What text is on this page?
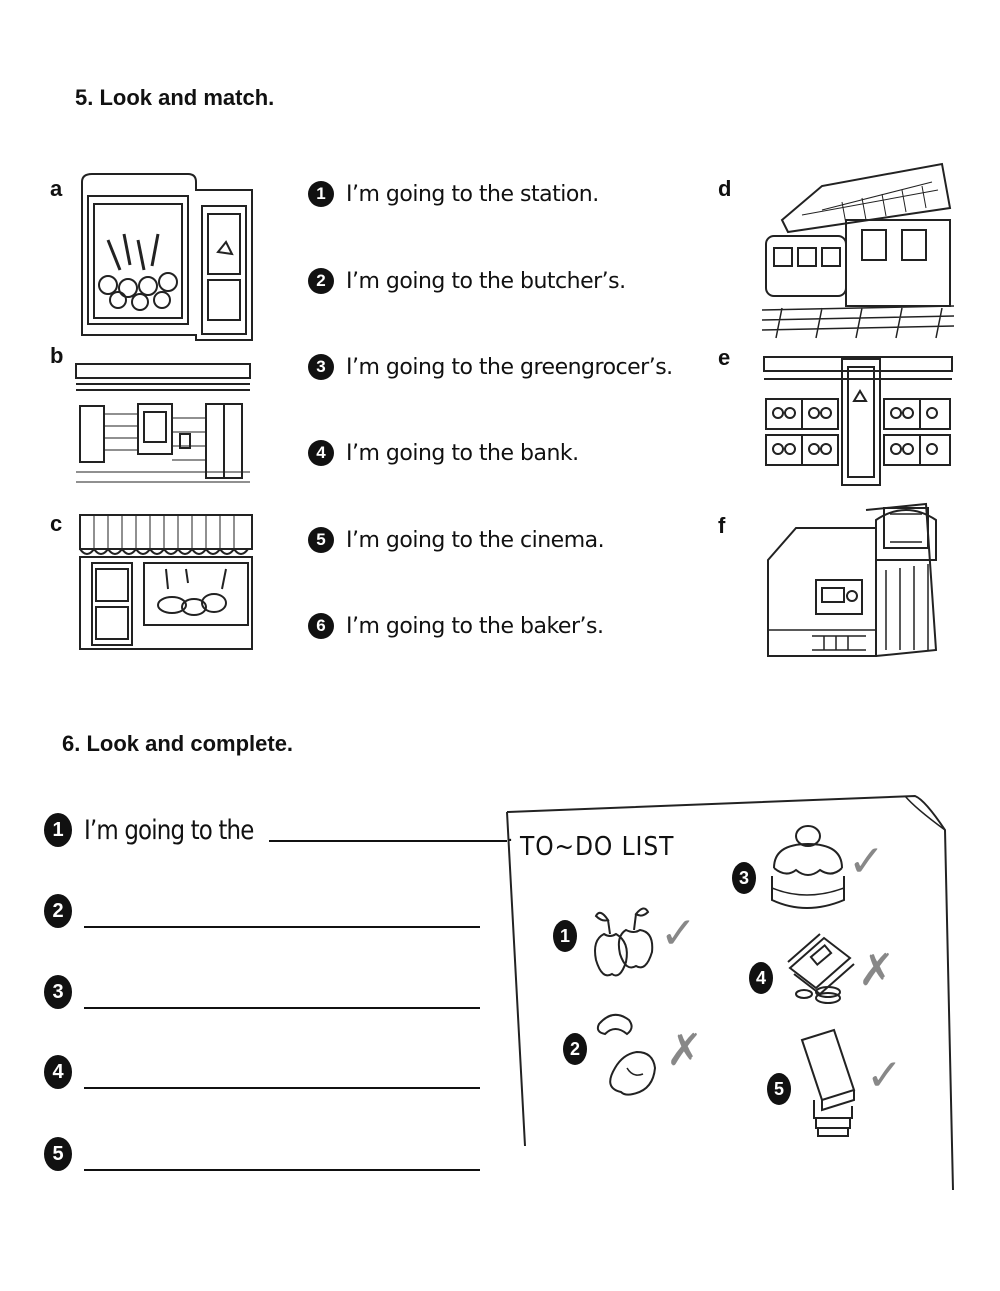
5. Look and match.
a
b
c
d
e
f
1 I’m going to the station.
2 I’m going to the butcher’s.
3 I’m going to the greengrocer’s.
4 I’m going to the bank.
5 I’m going to the cinema.
6 I’m going to the baker’s.
6. Look and complete.
1 I’m going to the	.
2
3
4
5
TO~DO LIST
1 ✓
2 ✗
3 ✓
4 ✗
5 ✓
